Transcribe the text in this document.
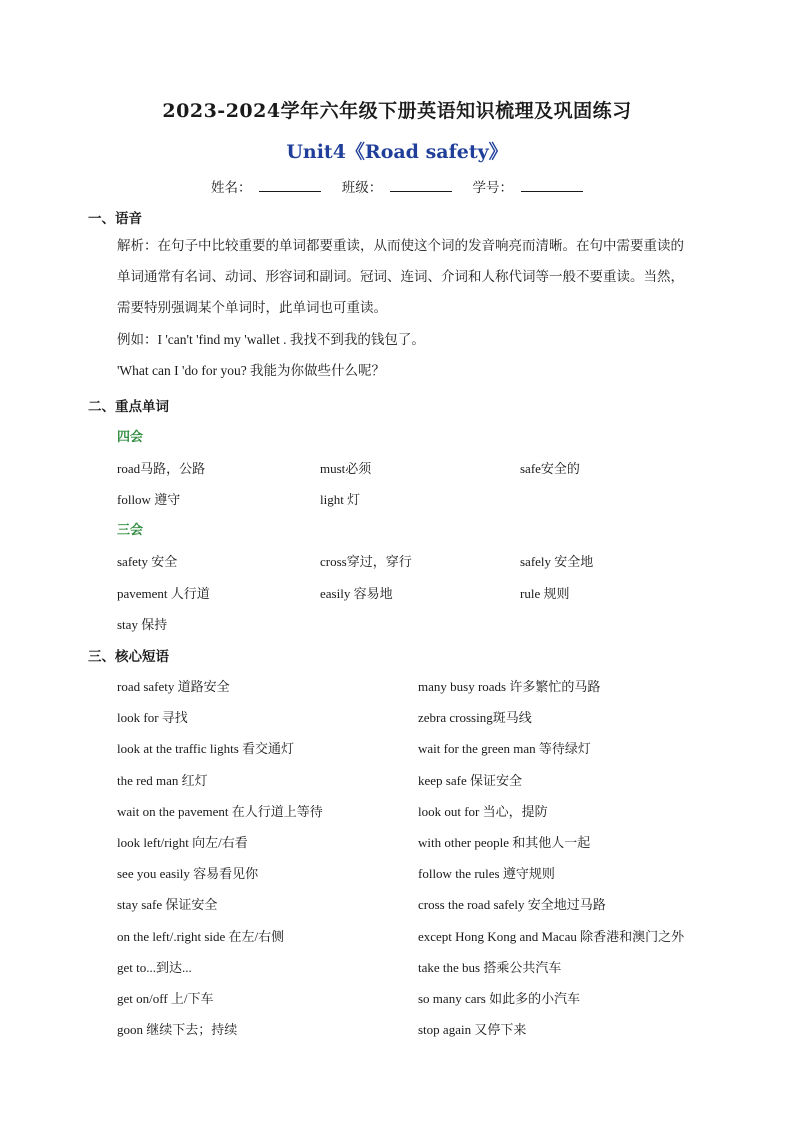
2023-2024学年六年级下册英语知识梳理及巩固练习
Unit4《Road safety》
姓名：	班级：	学号：
一、语音
解析：在句子中比较重要的单词都要重读，从而使这个词的发音响亮而清晰。在句中需要重读的
单词通常有名词、动词、形容词和副词。冠词、连词、介词和人称代词等一般不要重读。当然，
需要特别强调某个单词时，此单词也可重读。
例如：I 'can't 'find my 'wallet . 我找不到我的钱包了。
'What can I 'do for you? 我能为你做些什么呢？
二、重点单词
四会
road马路，公路	must必须	safe安全的
follow 遵守	light 灯
三会
safety 安全	cross穿过，穿行	safely 安全地
pavement 人行道	easily 容易地	rule 规则
stay 保持
三、核心短语
road safety 道路安全	many busy roads 许多繁忙的马路
look for 寻找	zebra crossing斑马线
look at the traffic lights 看交通灯	wait for the green man 等待绿灯
the red man 红灯	keep safe 保证安全
wait on the pavement 在人行道上等待	look out for 当心，提防
look left/right 向左/右看	with other people 和其他人一起
see you easily 容易看见你	follow the rules 遵守规则
stay safe 保证安全	cross the road safely 安全地过马路
on the left/.right side 在左/右侧	except Hong Kong and Macau 除香港和澳门之外
get to...到达...	take the bus 搭乘公共汽车
get on/off 上/下车	so many cars 如此多的小汽车
goon 继续下去；持续	stop again 又停下来
